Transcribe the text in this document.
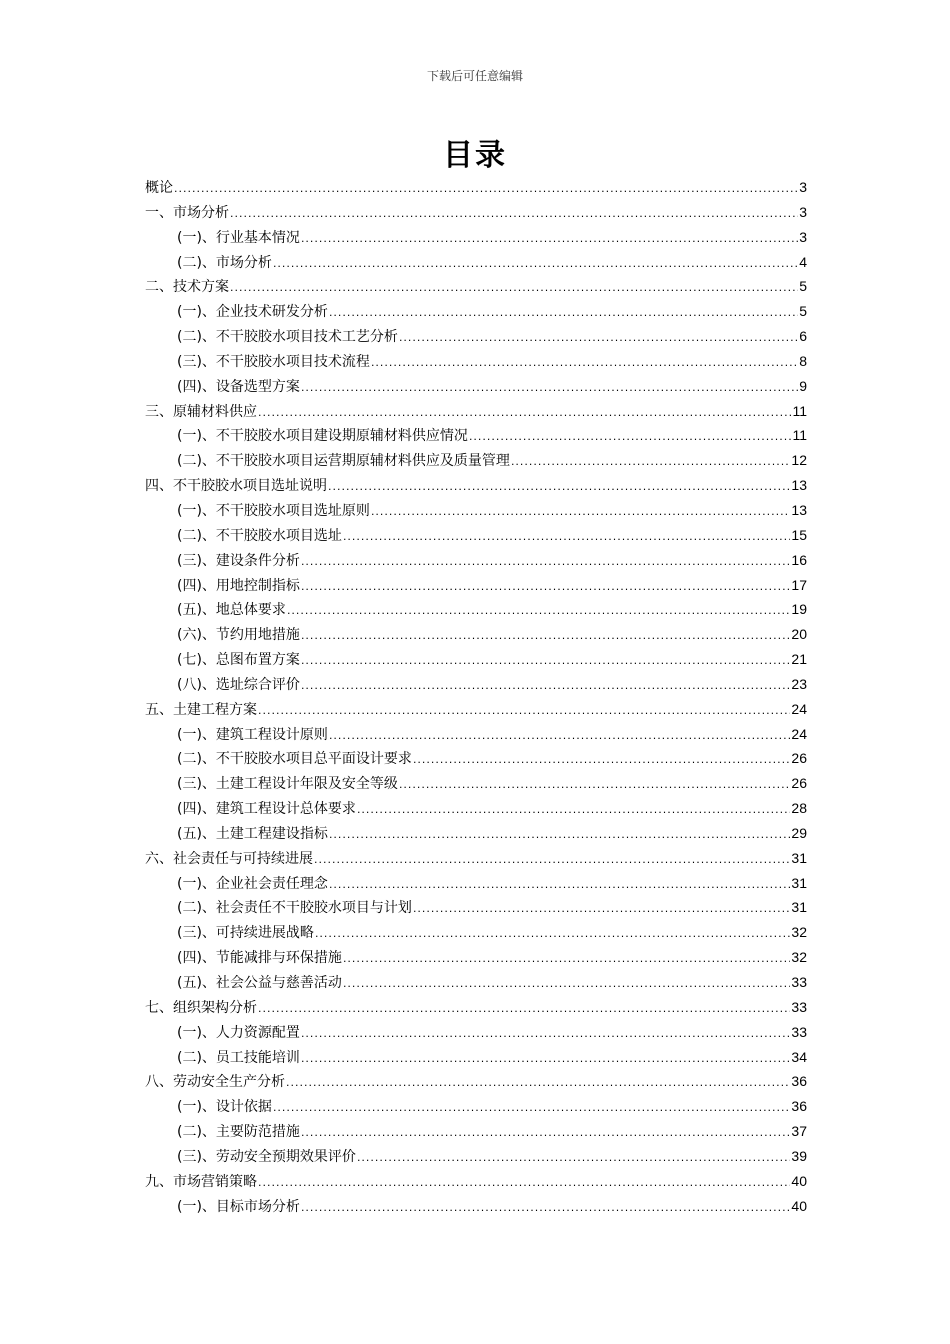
下载后可任意编辑
目录
概论 .....	3
一、市场分析 .....	3
(一)、行业基本情况 .....	3
(二)、市场分析 .....	4
二、技术方案 .....	5
(一)、企业技术研发分析 .....	5
(二)、不干胶胶水项目技术工艺分析 .....	6
(三)、不干胶胶水项目技术流程 .....	8
(四)、设备选型方案 .....	9
三、原辅材料供应 .....	11
(一)、不干胶胶水项目建设期原辅材料供应情况 .....	11
(二)、不干胶胶水项目运营期原辅材料供应及质量管理 .....	12
四、不干胶胶水项目选址说明 .....	13
(一)、不干胶胶水项目选址原则 .....	13
(二)、不干胶胶水项目选址 .....	15
(三)、建设条件分析 .....	16
(四)、用地控制指标 .....	17
(五)、地总体要求 .....	19
(六)、节约用地措施 .....	20
(七)、总图布置方案 .....	21
(八)、选址综合评价 .....	23
五、土建工程方案 .....	24
(一)、建筑工程设计原则 .....	24
(二)、不干胶胶水项目总平面设计要求 .....	26
(三)、土建工程设计年限及安全等级 .....	26
(四)、建筑工程设计总体要求 .....	28
(五)、土建工程建设指标 .....	29
六、社会责任与可持续进展 .....	31
(一)、企业社会责任理念 .....	31
(二)、社会责任不干胶胶水项目与计划 .....	31
(三)、可持续进展战略 .....	32
(四)、节能减排与环保措施 .....	32
(五)、社会公益与慈善活动 .....	33
七、组织架构分析 .....	33
(一)、人力资源配置 .....	33
(二)、员工技能培训 .....	34
八、劳动安全生产分析 .....	36
(一)、设计依据 .....	36
(二)、主要防范措施 .....	37
(三)、劳动安全预期效果评价 .....	39
九、市场营销策略 .....	40
(一)、目标市场分析 .....	40
